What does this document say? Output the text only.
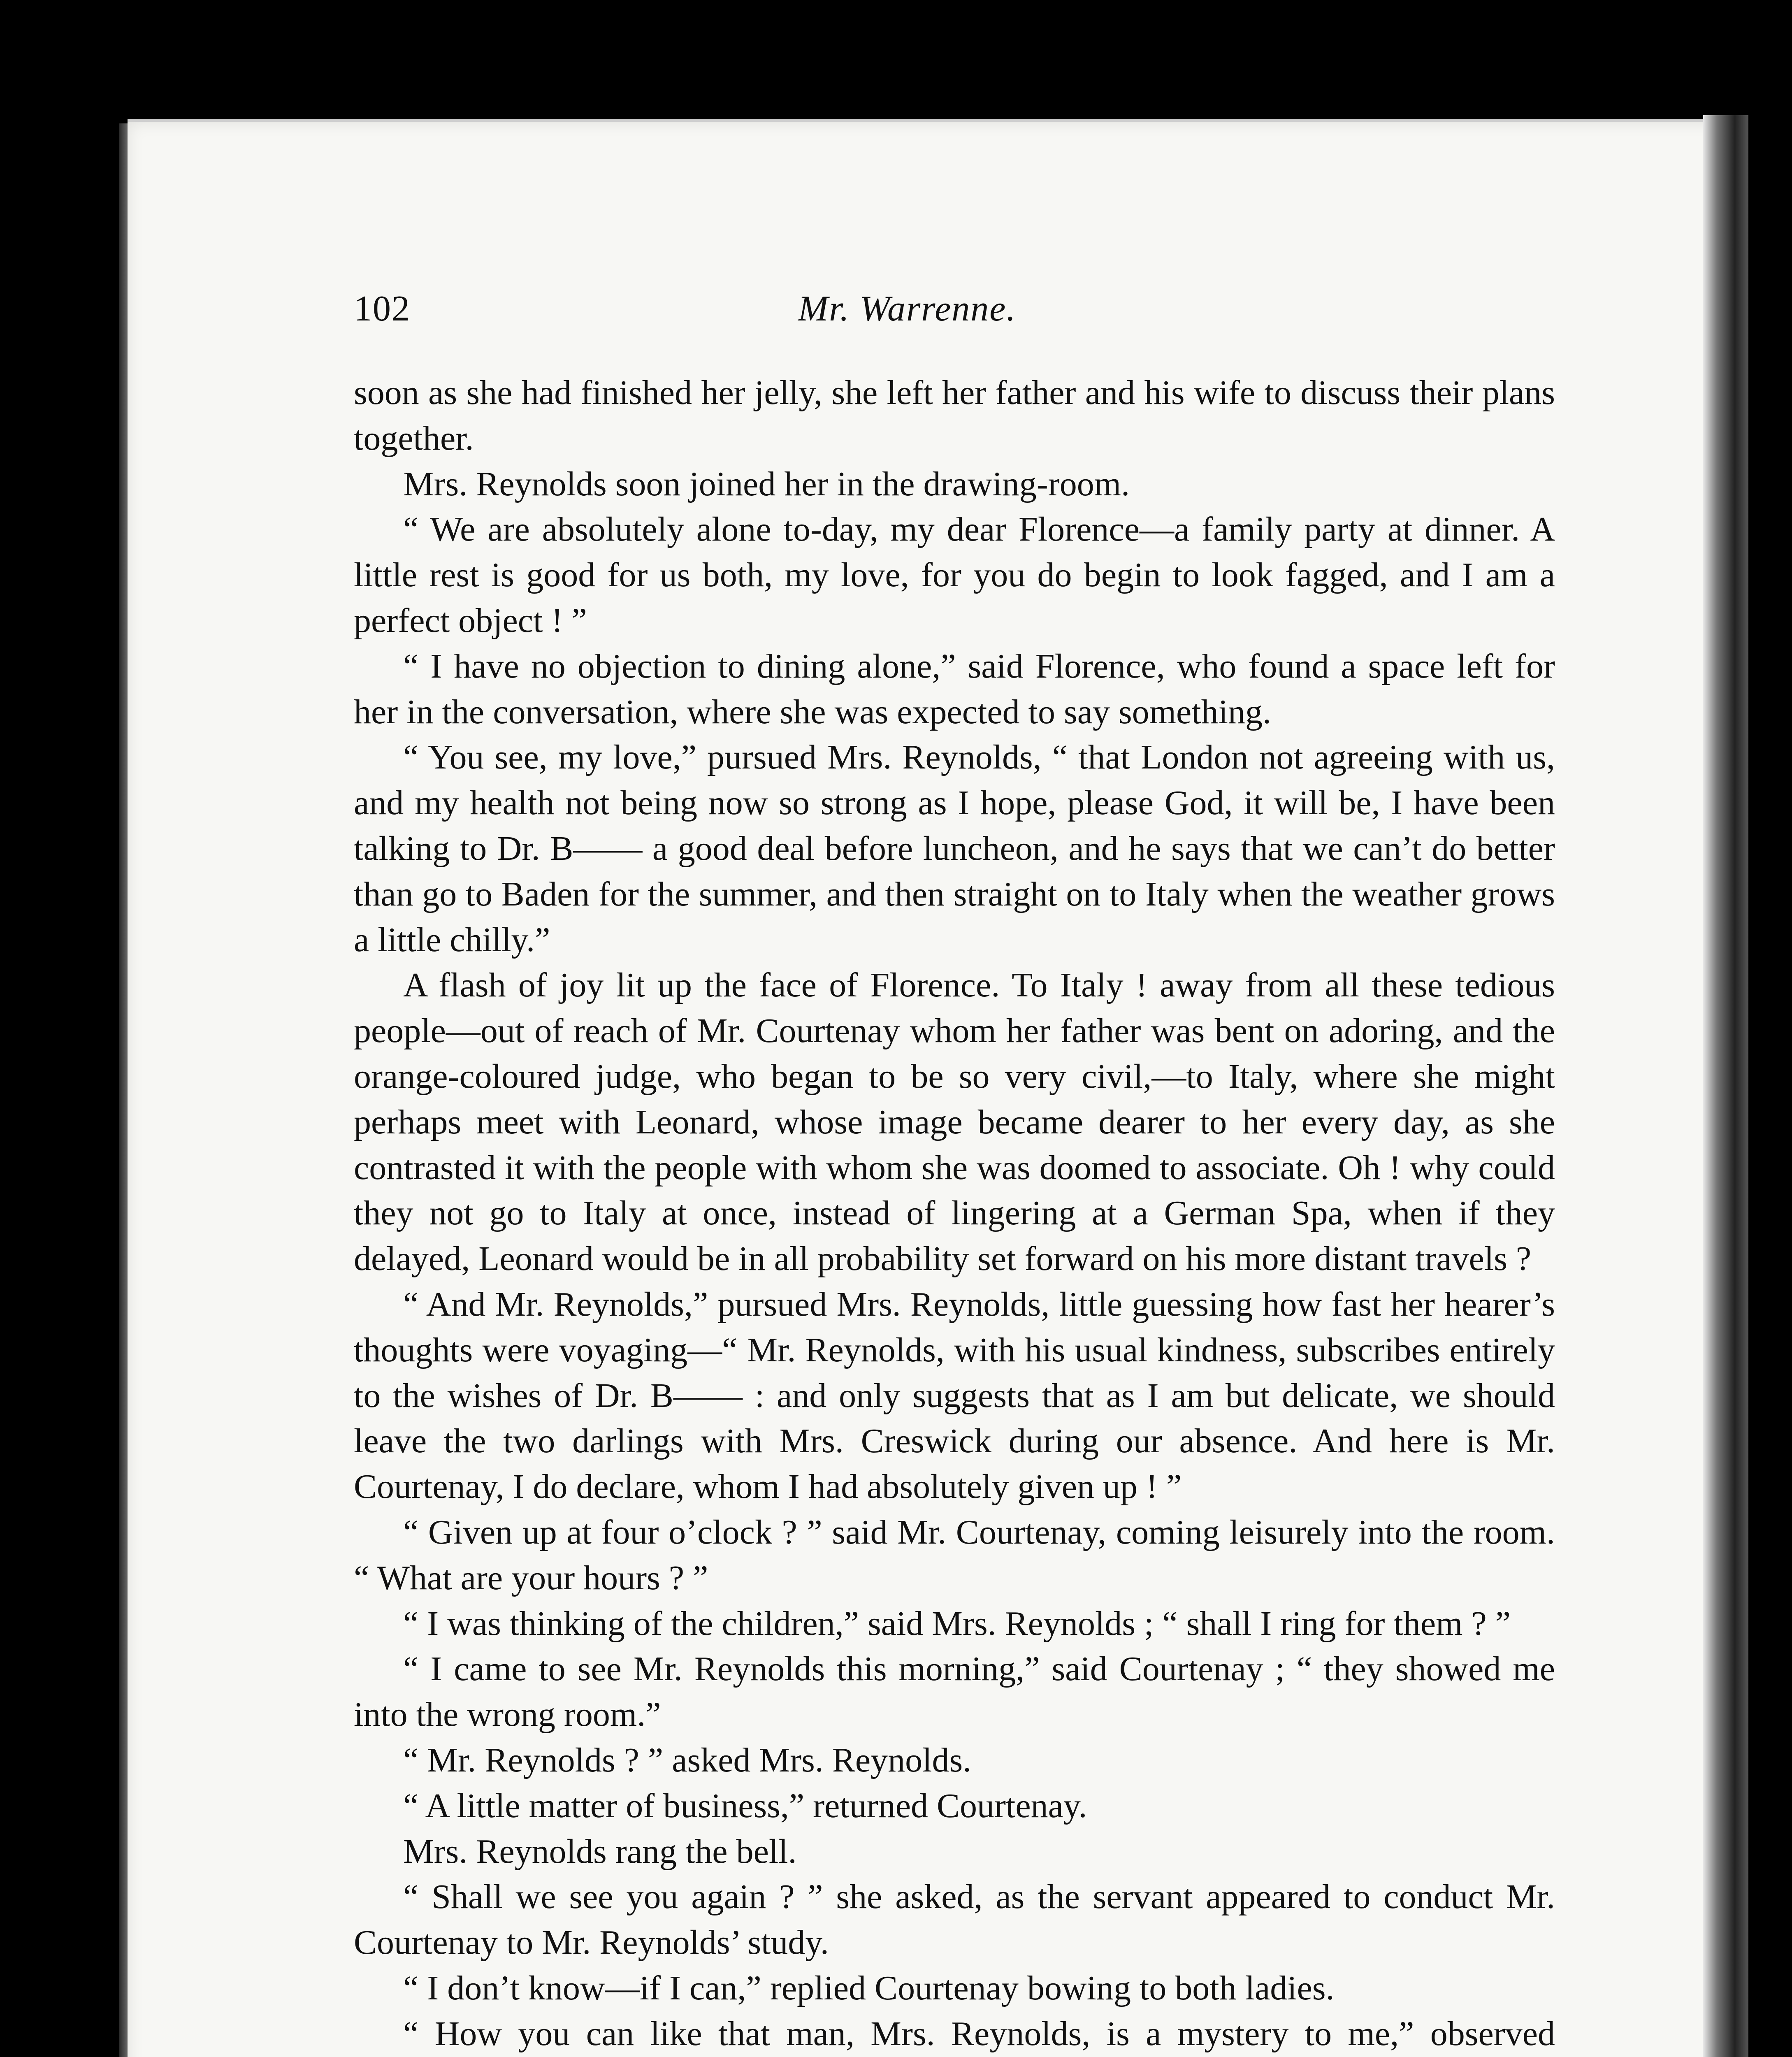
102	Mr. Warrenne.

soon as she had finished her jelly, she left her father and his wife to discuss their plans together.

Mrs. Reynolds soon joined her in the drawing-room.

“ We are absolutely alone to-day, my dear Florence—a family party at dinner. A little rest is good for us both, my love, for you do begin to look fagged, and I am a perfect object ! ”

“ I have no objection to dining alone,” said Florence, who found a space left for her in the conversation, where she was expected to say something.

“ You see, my love,” pursued Mrs. Reynolds, “ that London not agreeing with us, and my health not being now so strong as I hope, please God, it will be, I have been talking to Dr. B—— a good deal before luncheon, and he says that we can’t do better than go to Baden for the summer, and then straight on to Italy when the weather grows a little chilly.”

A flash of joy lit up the face of Florence. To Italy ! away from all these tedious people—out of reach of Mr. Courtenay whom her father was bent on adoring, and the orange-coloured judge, who began to be so very civil,—to Italy, where she might perhaps meet with Leonard, whose image became dearer to her every day, as she contrasted it with the people with whom she was doomed to associate. Oh ! why could they not go to Italy at once, instead of lingering at a German Spa, when if they delayed, Leonard would be in all probability set forward on his more distant travels ?

“ And Mr. Reynolds,” pursued Mrs. Reynolds, little guessing how fast her hearer’s thoughts were voyaging—“ Mr. Reynolds, with his usual kindness, subscribes entirely to the wishes of Dr. B—— : and only suggests that as I am but delicate, we should leave the two darlings with Mrs. Creswick during our absence. And here is Mr. Courtenay, I do declare, whom I had absolutely given up ! ”

“ Given up at four o’clock ? ” said Mr. Courtenay, coming leisurely into the room. “ What are your hours ? ”

“ I was thinking of the children,” said Mrs. Reynolds ; “ shall I ring for them ? ”

“ I came to see Mr. Reynolds this morning,” said Courtenay ; “ they showed me into the wrong room.”

“ Mr. Reynolds ? ” asked Mrs. Reynolds.

“ A little matter of business,” returned Courtenay.

Mrs. Reynolds rang the bell.

“ Shall we see you again ? ” she asked, as the servant appeared to conduct Mr. Courtenay to Mr. Reynolds’ study.

“ I don’t know—if I can,” replied Courtenay bowing to both ladies.

“ How you can like that man, Mrs. Reynolds, is a mystery to me,” observed
